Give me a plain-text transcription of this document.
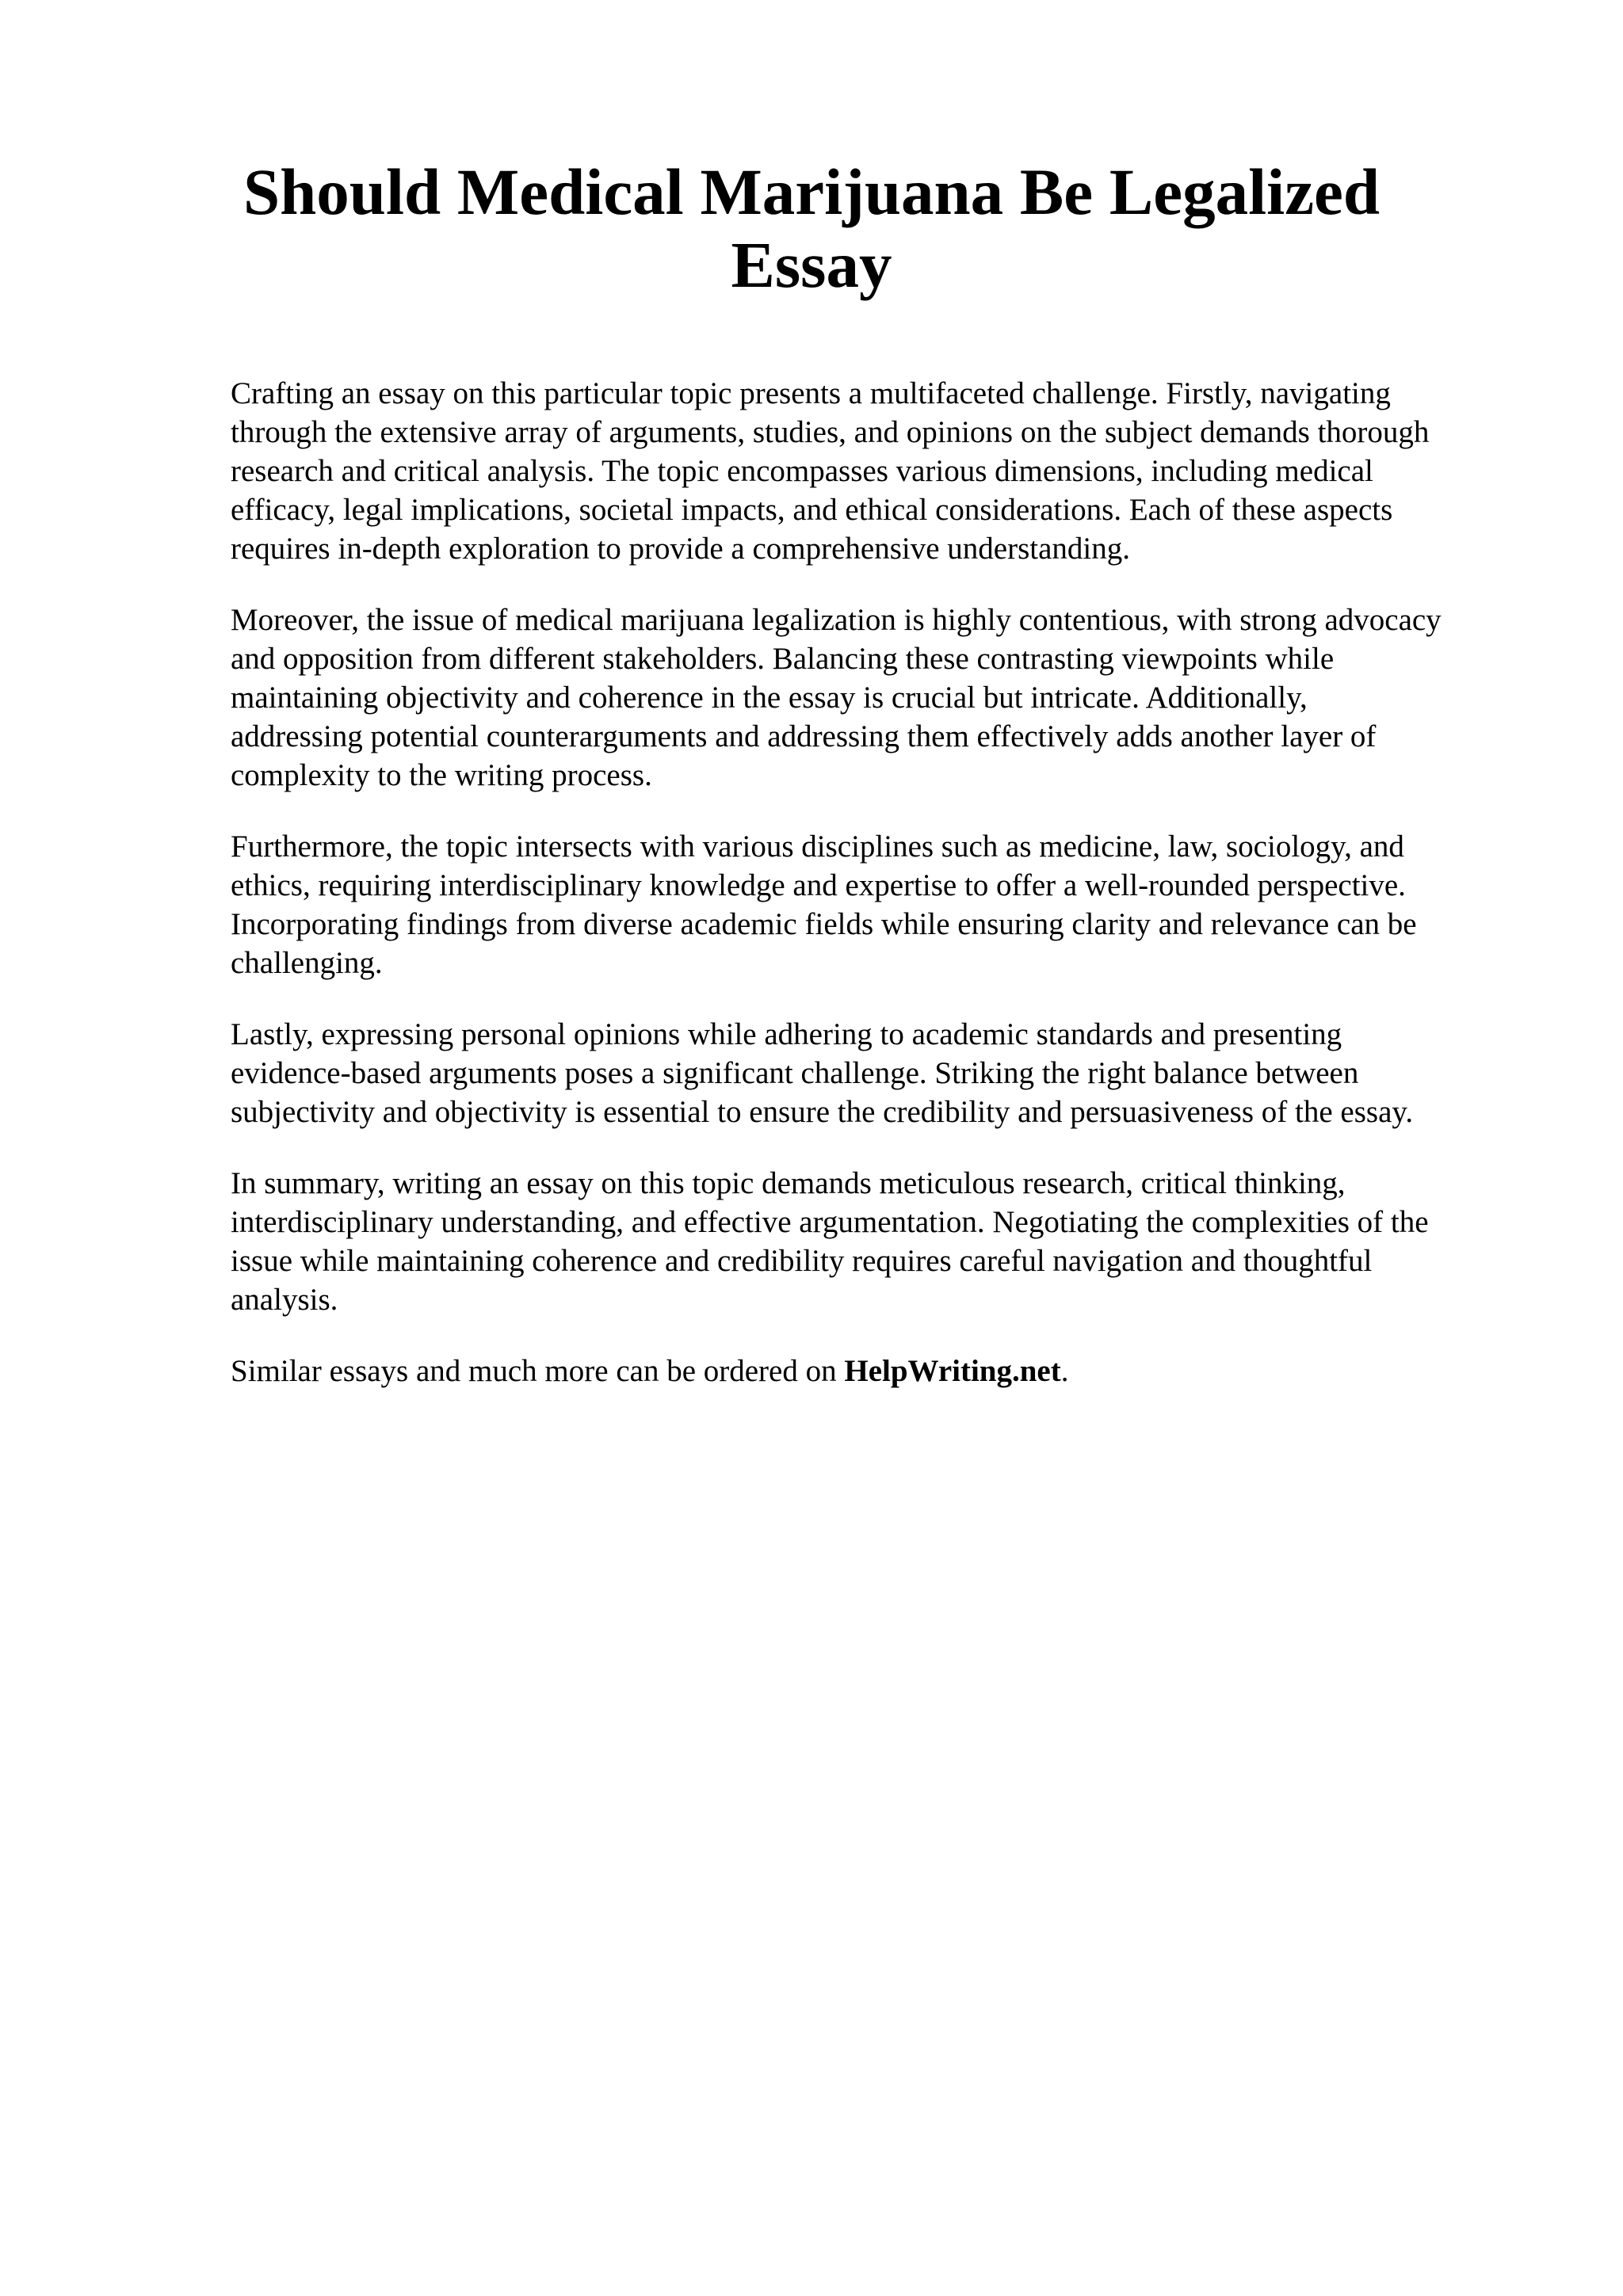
Should Medical Marijuana Be Legalized
Essay

Crafting an essay on this particular topic presents a multifaceted challenge. Firstly, navigating
through the extensive array of arguments, studies, and opinions on the subject demands thorough
research and critical analysis. The topic encompasses various dimensions, including medical
efficacy, legal implications, societal impacts, and ethical considerations. Each of these aspects
requires in-depth exploration to provide a comprehensive understanding.

Moreover, the issue of medical marijuana legalization is highly contentious, with strong advocacy
and opposition from different stakeholders. Balancing these contrasting viewpoints while
maintaining objectivity and coherence in the essay is crucial but intricate. Additionally,
addressing potential counterarguments and addressing them effectively adds another layer of
complexity to the writing process.

Furthermore, the topic intersects with various disciplines such as medicine, law, sociology, and
ethics, requiring interdisciplinary knowledge and expertise to offer a well-rounded perspective.
Incorporating findings from diverse academic fields while ensuring clarity and relevance can be
challenging.

Lastly, expressing personal opinions while adhering to academic standards and presenting
evidence-based arguments poses a significant challenge. Striking the right balance between
subjectivity and objectivity is essential to ensure the credibility and persuasiveness of the essay.

In summary, writing an essay on this topic demands meticulous research, critical thinking,
interdisciplinary understanding, and effective argumentation. Negotiating the complexities of the
issue while maintaining coherence and credibility requires careful navigation and thoughtful
analysis.

Similar essays and much more can be ordered on HelpWriting.net.
